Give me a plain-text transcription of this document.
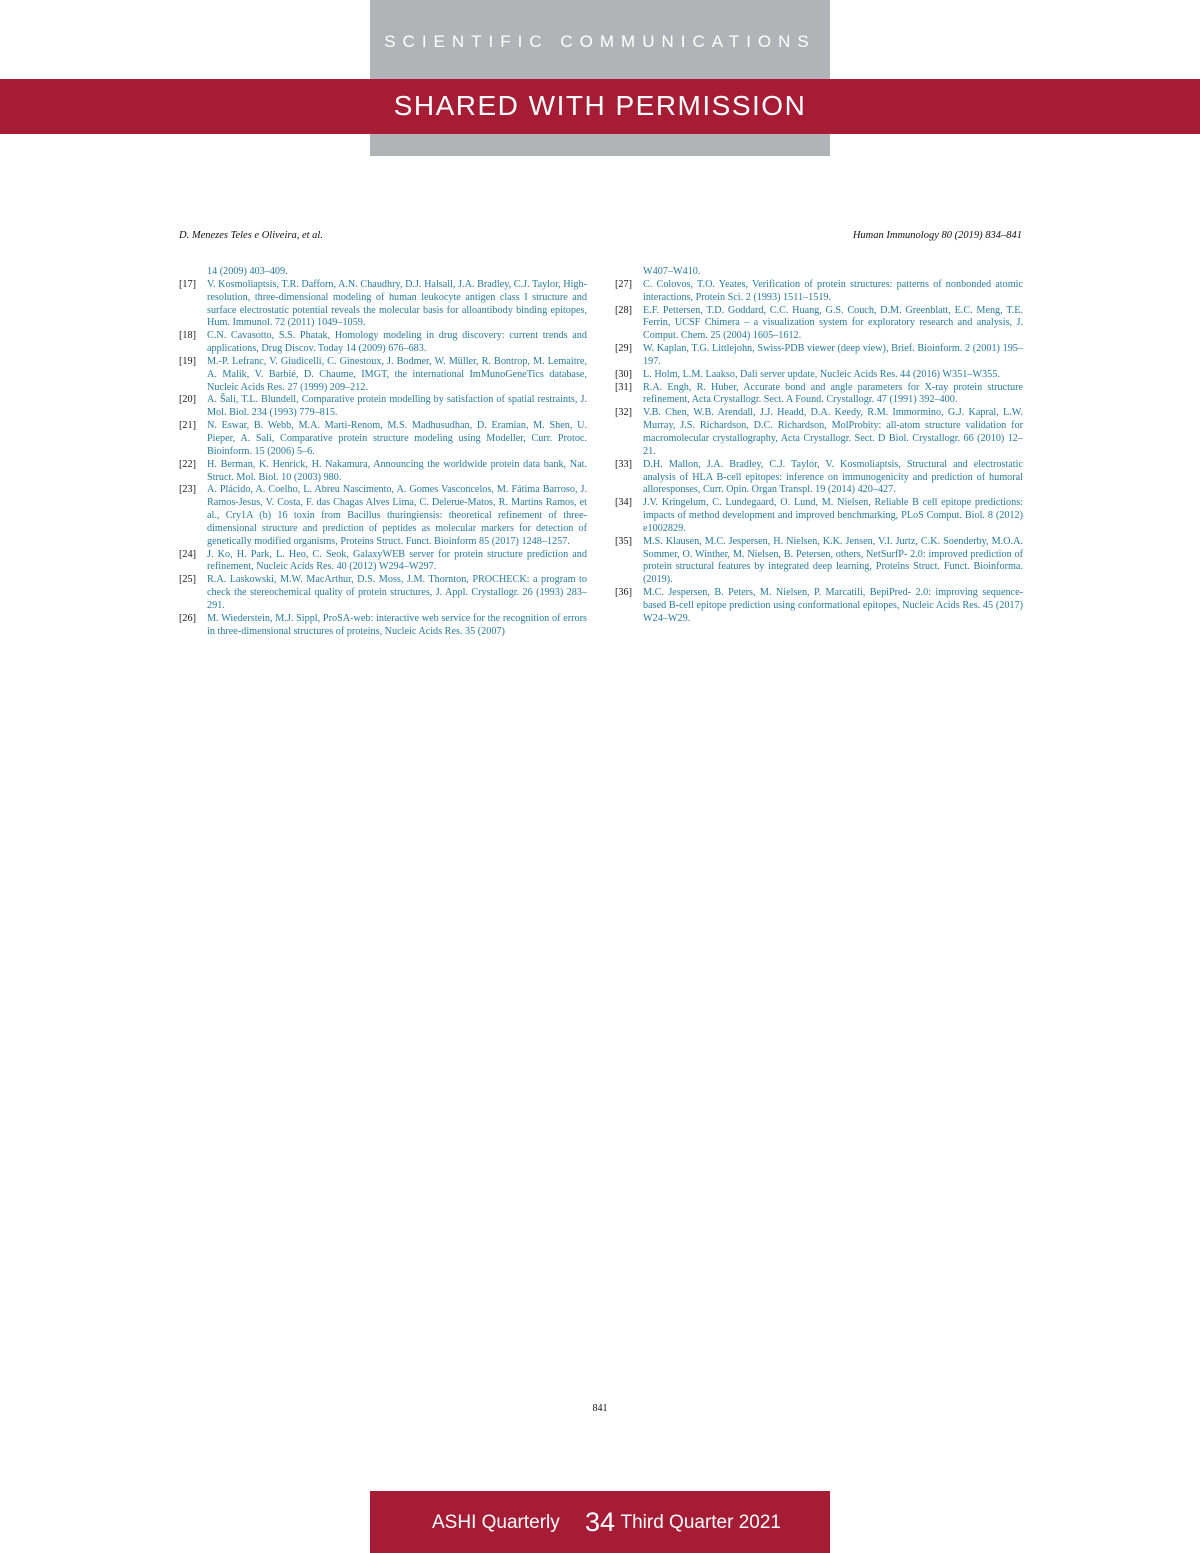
SCIENTIFIC COMMUNICATIONS
SHARED WITH PERMISSION
D. Menezes Teles e Oliveira, et al.	Human Immunology 80 (2019) 834–841
14 (2009) 403–409.
[17]	V. Kosmoliaptsis, T.R. Dafforn, A.N. Chaudhry, D.J. Halsall, J.A. Bradley, C.J. Taylor, High-resolution, three-dimensional modeling of human leukocyte antigen class I structure and surface electrostatic potential reveals the molecular basis for alloantibody binding epitopes, Hum. Immunol. 72 (2011) 1049–1059.
[18]	C.N. Cavasotto, S.S. Phatak, Homology modeling in drug discovery: current trends and applications, Drug Discov. Today 14 (2009) 676–683.
[19]	M.-P. Lefranc, V. Giudicelli, C. Ginestoux, J. Bodmer, W. Müller, R. Bontrop, M. Lemaitre, A. Malik, V. Barbié, D. Chaume, IMGT, the international ImMunoGeneTics database, Nucleic Acids Res. 27 (1999) 209–212.
[20]	A. Šali, T.L. Blundell, Comparative protein modelling by satisfaction of spatial restraints, J. Mol. Biol. 234 (1993) 779–815.
[21]	N. Eswar, B. Webb, M.A. Marti-Renom, M.S. Madhusudhan, D. Eramian, M. Shen, U. Pieper, A. Sali, Comparative protein structure modeling using Modeller, Curr. Protoc. Bioinform. 15 (2006) 5–6.
[22]	H. Berman, K. Henrick, H. Nakamura, Announcing the worldwide protein data bank, Nat. Struct. Mol. Biol. 10 (2003) 980.
[23]	A. Plácido, A. Coelho, L. Abreu Nascimento, A. Gomes Vasconcelos, M. Fátima Barroso, J. Ramos-Jesus, V. Costa, F. das Chagas Alves Lima, C. Delerue-Matos, R. Martins Ramos, et al., Cry1A (b) 16 toxin from Bacillus thuringiensis: theoretical refinement of three-dimensional structure and prediction of peptides as molecular markers for detection of genetically modified organisms, Proteins Struct. Funct. Bioinform 85 (2017) 1248–1257.
[24]	J. Ko, H. Park, L. Heo, C. Seok, GalaxyWEB server for protein structure prediction and refinement, Nucleic Acids Res. 40 (2012) W294–W297.
[25]	R.A. Laskowski, M.W. MacArthur, D.S. Moss, J.M. Thornton, PROCHECK: a program to check the stereochemical quality of protein structures, J. Appl. Crystallogr. 26 (1993) 283–291.
[26]	M. Wiederstein, M.J. Sippl, ProSA-web: interactive web service for the recognition of errors in three-dimensional structures of proteins, Nucleic Acids Res. 35 (2007)
W407–W410.
[27]	C. Colovos, T.O. Yeates, Verification of protein structures: patterns of nonbonded atomic interactions, Protein Sci. 2 (1993) 1511–1519.
[28]	E.F. Pettersen, T.D. Goddard, C.C. Huang, G.S. Couch, D.M. Greenblatt, E.C. Meng, T.E. Ferrin, UCSF Chimera – a visualization system for exploratory research and analysis, J. Comput. Chem. 25 (2004) 1605–1612.
[29]	W. Kaplan, T.G. Littlejohn, Swiss-PDB viewer (deep view), Brief. Bioinform. 2 (2001) 195–197.
[30]	L. Holm, L.M. Laakso, Dali server update, Nucleic Acids Res. 44 (2016) W351–W355.
[31]	R.A. Engh, R. Huber, Accurate bond and angle parameters for X-ray protein structure refinement, Acta Crystallogr. Sect. A Found. Crystallogr. 47 (1991) 392–400.
[32]	V.B. Chen, W.B. Arendall, J.J. Headd, D.A. Keedy, R.M. Immormino, G.J. Kapral, L.W. Murray, J.S. Richardson, D.C. Richardson, MolProbity: all-atom structure validation for macromolecular crystallography, Acta Crystallogr. Sect. D Biol. Crystallogr. 66 (2010) 12–21.
[33]	D.H. Mallon, J.A. Bradley, C.J. Taylor, V. Kosmoliaptsis, Structural and electrostatic analysis of HLA B-cell epitopes: inference on immunogenicity and prediction of humoral alloresponses, Curr. Opin. Organ Transpl. 19 (2014) 420–427.
[34]	J.V. Kringelum, C. Lundegaard, O. Lund, M. Nielsen, Reliable B cell epitope predictions: impacts of method development and improved benchmarking, PLoS Comput. Biol. 8 (2012) e1002829.
[35]	M.S. Klausen, M.C. Jespersen, H. Nielsen, K.K. Jensen, V.I. Jurtz, C.K. Soenderby, M.O.A. Sommer, O. Winther, M. Nielsen, B. Petersen, others, NetSurfP- 2.0: improved prediction of protein structural features by integrated deep learning, Proteins Struct. Funct. Bioinforma. (2019).
[36]	M.C. Jespersen, B. Peters, M. Nielsen, P. Marcatili, BepiPred- 2.0: improving sequence-based B-cell epitope prediction using conformational epitopes, Nucleic Acids Res. 45 (2017) W24–W29.
841
ASHI Quarterly 34 Third Quarter 2021
